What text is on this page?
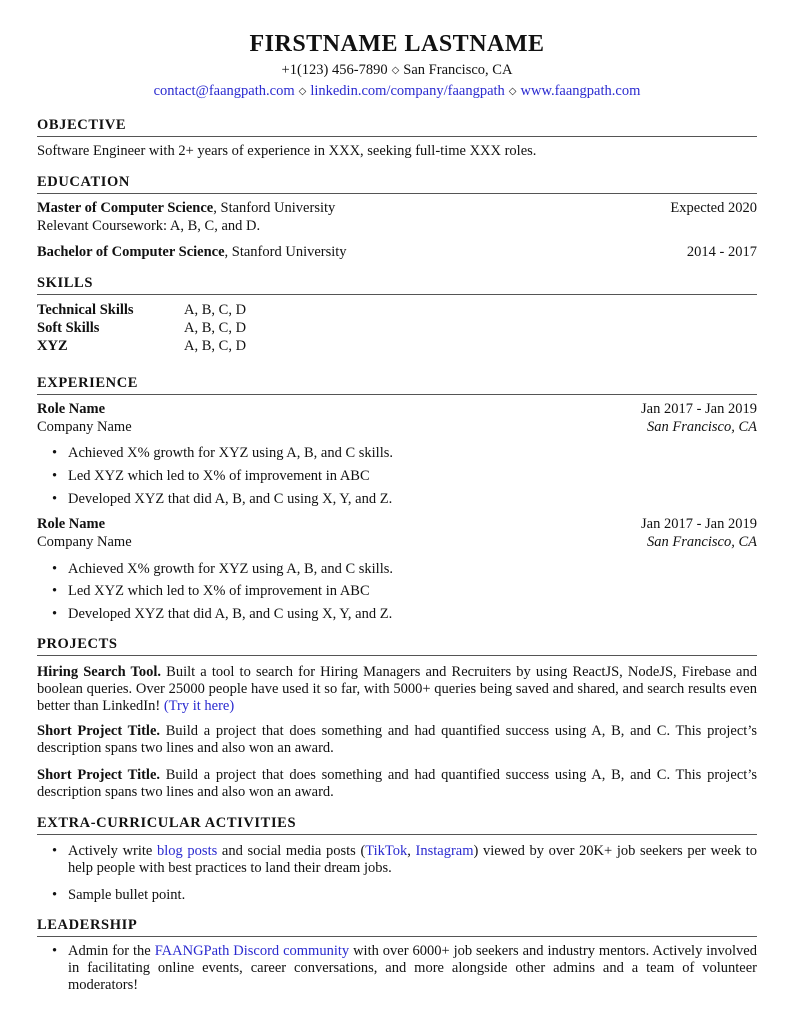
FIRSTNAME LASTNAME
+1(123) 456-7890 ◇ San Francisco, CA
contact@faangpath.com ◇ linkedin.com/company/faangpath ◇ www.faangpath.com
OBJECTIVE
Software Engineer with 2+ years of experience in XXX, seeking full-time XXX roles.
EDUCATION
Master of Computer Science, Stanford University	Expected 2020
Relevant Coursework: A, B, C, and D.
Bachelor of Computer Science, Stanford University	2014 - 2017
SKILLS
Technical Skills	A, B, C, D
Soft Skills	A, B, C, D
XYZ	A, B, C, D
EXPERIENCE
Role Name	Jan 2017 - Jan 2019
Company Name	San Francisco, CA
• Achieved X% growth for XYZ using A, B, and C skills.
• Led XYZ which led to X% of improvement in ABC
• Developed XYZ that did A, B, and C using X, Y, and Z.
Role Name	Jan 2017 - Jan 2019
Company Name	San Francisco, CA
• Achieved X% growth for XYZ using A, B, and C skills.
• Led XYZ which led to X% of improvement in ABC
• Developed XYZ that did A, B, and C using X, Y, and Z.
PROJECTS
Hiring Search Tool. Built a tool to search for Hiring Managers and Recruiters by using ReactJS, NodeJS, Firebase and boolean queries. Over 25000 people have used it so far, with 5000+ queries being saved and shared, and search results even better than LinkedIn! (Try it here)
Short Project Title. Build a project that does something and had quantified success using A, B, and C. This project’s description spans two lines and also won an award.
Short Project Title. Build a project that does something and had quantified success using A, B, and C. This project’s description spans two lines and also won an award.
EXTRA-CURRICULAR ACTIVITIES
• Actively write blog posts and social media posts (TikTok, Instagram) viewed by over 20K+ job seekers per week to help people with best practices to land their dream jobs.
• Sample bullet point.
LEADERSHIP
• Admin for the FAANGPath Discord community with over 6000+ job seekers and industry mentors. Actively involved in facilitating online events, career conversations, and more alongside other admins and a team of volunteer moderators!
